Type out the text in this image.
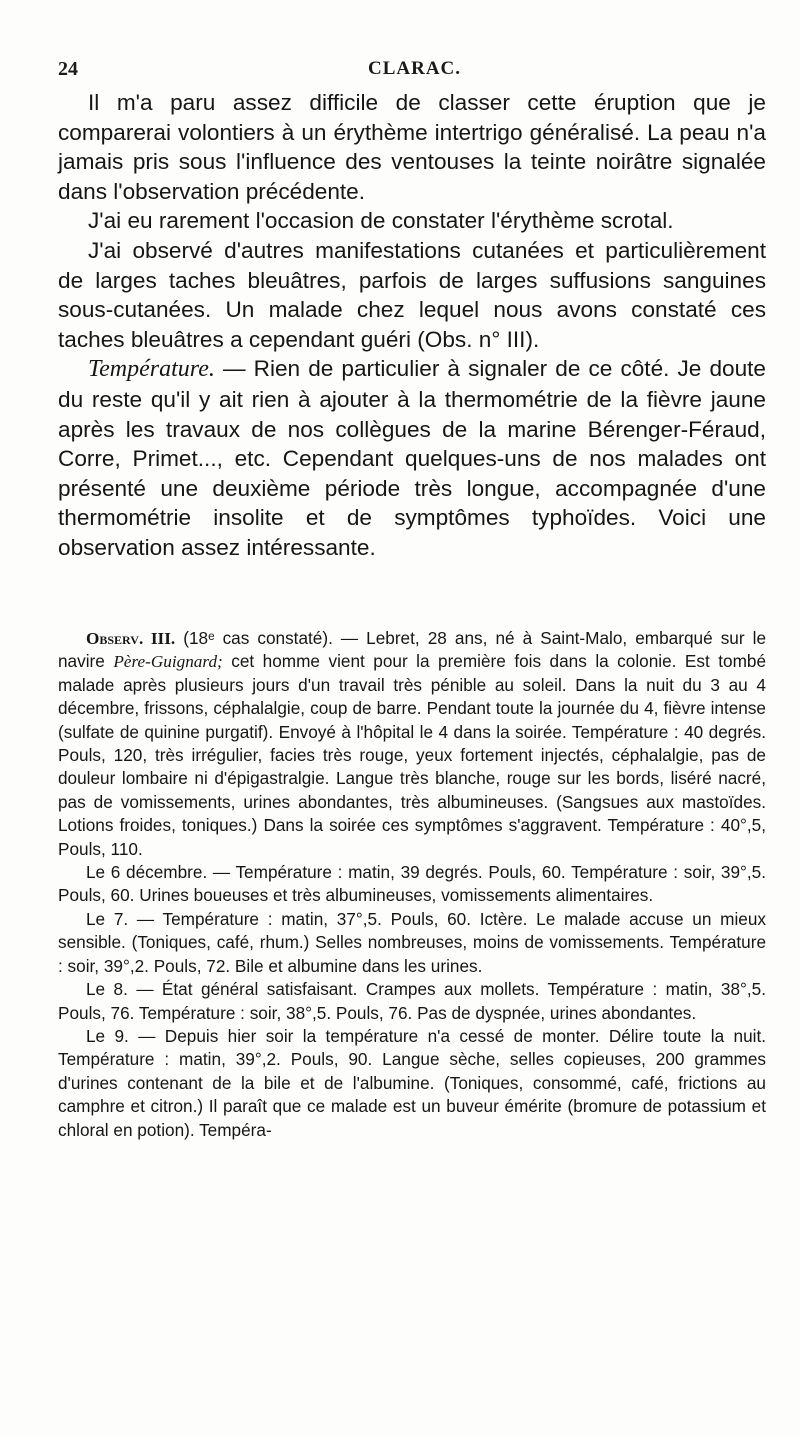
24	CLARAC.

Il m'a paru assez difficile de classer cette éruption que je comparerai volontiers à un érythème intertrigo généralisé. La peau n'a jamais pris sous l'influence des ventouses la teinte noirâtre signalée dans l'observation précédente.

J'ai eu rarement l'occasion de constater l'érythème scrotal.

J'ai observé d'autres manifestations cutanées et particulièrement de larges taches bleuâtres, parfois de larges suffusions sanguines sous-cutanées. Un malade chez lequel nous avons constaté ces taches bleuâtres a cependant guéri (Obs. n° III).

Température. — Rien de particulier à signaler de ce côté. Je doute du reste qu'il y ait rien à ajouter à la thermométrie de la fièvre jaune après les travaux de nos collègues de la marine Bérenger-Féraud, Corre, Primet..., etc. Cependant quelques-uns de nos malades ont présenté une deuxième période très longue, accompagnée d'une thermométrie insolite et de symptômes typhoïdes. Voici une observation assez intéressante.

Observ. III. (18ᵉ cas constaté). — Lebret, 28 ans, né à Saint-Malo, embarqué sur le navire Père-Guignard; cet homme vient pour la première fois dans la colonie. Est tombé malade après plusieurs jours d'un travail très pénible au soleil. Dans la nuit du 3 au 4 décembre, frissons, céphalalgie, coup de barre. Pendant toute la journée du 4, fièvre intense (sulfate de quinine purgatif). Envoyé à l'hôpital le 4 dans la soirée. Température : 40 degrés. Pouls, 120, très irrégulier, facies très rouge, yeux fortement injectés, céphalalgie, pas de douleur lombaire ni d'épigastralgie. Langue très blanche, rouge sur les bords, liséré nacré, pas de vomissements, urines abondantes, très albumineuses. (Sangsues aux mastoïdes. Lotions froides, toniques.) Dans la soirée ces symptômes s'aggravent. Température : 40°,5, Pouls, 110.

Le 6 décembre. — Température : matin, 39 degrés. Pouls, 60. Température : soir, 39°,5. Pouls, 60. Urines boueuses et très albumineuses, vomissements alimentaires.

Le 7. — Température : matin, 37°,5. Pouls, 60. Ictère. Le malade accuse un mieux sensible. (Toniques, café, rhum.) Selles nombreuses, moins de vomissements. Température : soir, 39°,2. Pouls, 72. Bile et albumine dans les urines.

Le 8. — État général satisfaisant. Crampes aux mollets. Température : matin, 38°,5. Pouls, 76. Température : soir, 38°,5. Pouls, 76. Pas de dyspnée, urines abondantes.

Le 9. — Depuis hier soir la température n'a cessé de monter. Délire toute la nuit. Température : matin, 39°,2. Pouls, 90. Langue sèche, selles copieuses, 200 grammes d'urines contenant de la bile et de l'albumine. (Toniques, consommé, café, frictions au camphre et citron.) Il paraît que ce malade est un buveur émérite (bromure de potassium et chloral en potion). Tempéra-
